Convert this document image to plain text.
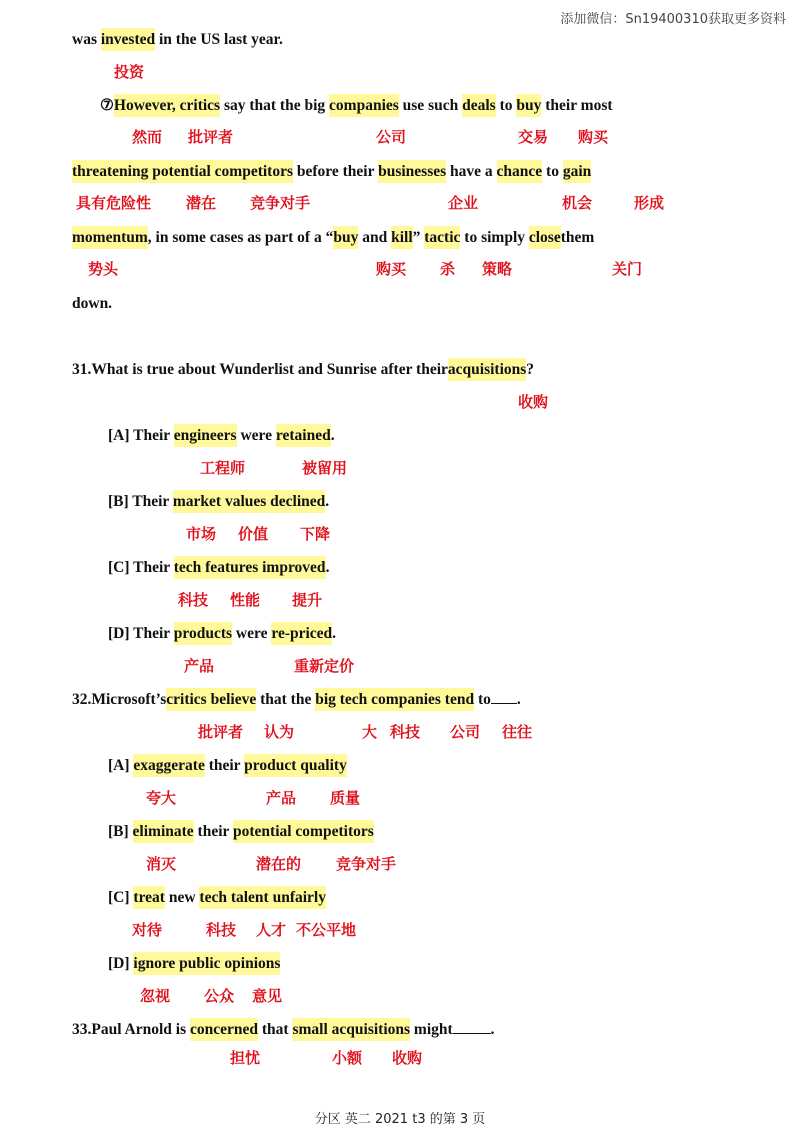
添加微信：Sn19400310获取更多资料
was invested in the US last year.
投资
⑦However, critics say that the big companies use such deals to buy their most
然而 批评者	公司	交易 购买
threatening potential competitors before their businesses have a chance to gain
具有危险性 潜在 竞争对手	企业	机会	形成
momentum, in some cases as part of a “buy and kill” tactic to simply closethem
势头	购买 杀 策略	关门
down.
31.What is true about Wunderlist and Sunrise after theiracquisitions?
收购
[A] Their engineers were retained.
工程师	被留用
[B] Their market values declined.
市场 价值 下降
[C] Their tech features improved.
科技 性能 提升
[D] Their products were re-priced.
产品	重新定价
32.Microsoft’scritics believe that the big tech companies tend to .
批评者 认为	大 科技 公司 往往
[A] exaggerate their product quality
夸大	产品 质量
[B] eliminate their potential competitors
消灭	潜在的 竞争对手
[C] treat new tech talent unfairly
对待	科技 人才 不公平地
[D] ignore public opinions
忽视 公众 意见
33.Paul Arnold is concerned that small acquisitions might .
担忧	小额 收购
分区 英二 2021 t3 的第 3 页
